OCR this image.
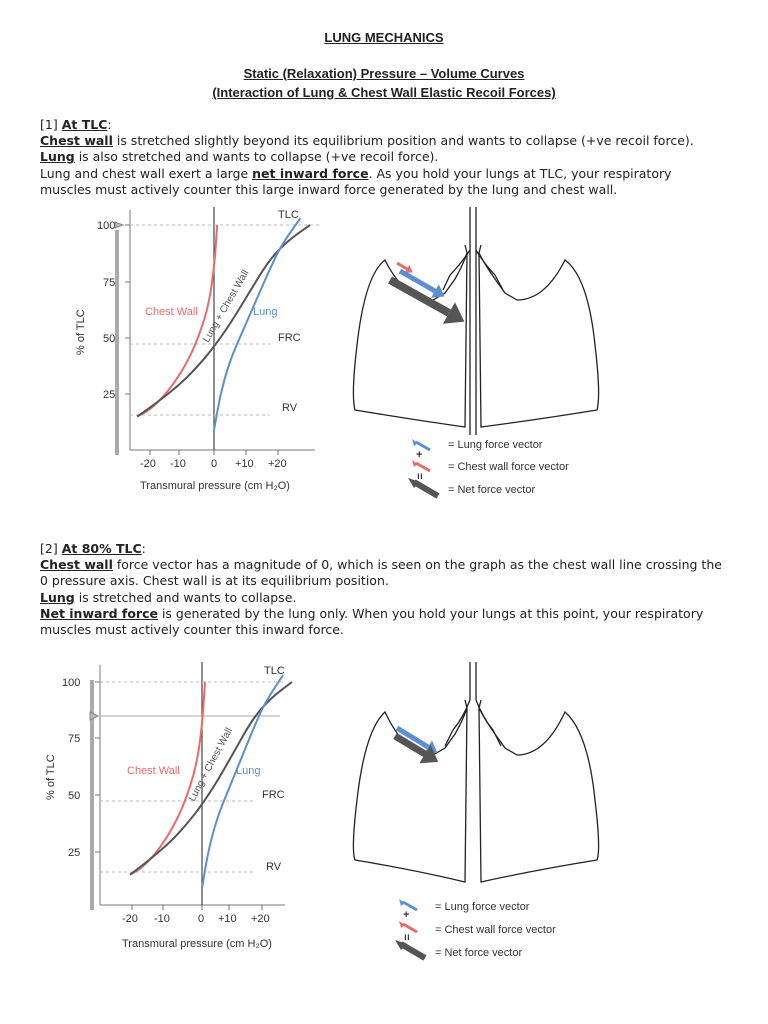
LUNG MECHANICS
Static (Relaxation) Pressure – Volume Curves
(Interaction of Lung & Chest Wall Elastic Recoil Forces)

[1] At TLC:

Chest wall is stretched slightly beyond its equilibrium position and wants to collapse (+ve recoil force).

Lung is also stretched and wants to collapse (+ve recoil force).

Lung and chest wall exert a large net inward force. As you hold your lungs at TLC, your respiratory

muscles must actively counter this large inward force generated by the lung and chest wall.

[2] At 80% TLC:

Chest wall force vector has a magnitude of 0, which is seen on the graph as the chest wall line crossing the

0 pressure axis. Chest wall is at its equilibrium position.

Lung is stretched and wants to collapse.

Net inward force is generated by the lung only. When you hold your lungs at this point, your respiratory

muscles must actively counter this inward force.

100
75
50
25
% of TLC
-20 -10 0 +10 +20
Transmural pressure (cm H₂O)
TLC
FRC
RV
Chest Wall	Lung
Lung + Chest Wall
= Lung force vector
+
= Chest wall force vector
=
= Net force vector
100
75
50
25
% of TLC
-20 -10	0 +10 +20
Transmural pressure (cm H₂O)
TLC
FRC
RV
Chest Wall	Lung
Lung + Chest Wall
= Lung force vector
+
= Chest wall force vector
=
= Net force vector
